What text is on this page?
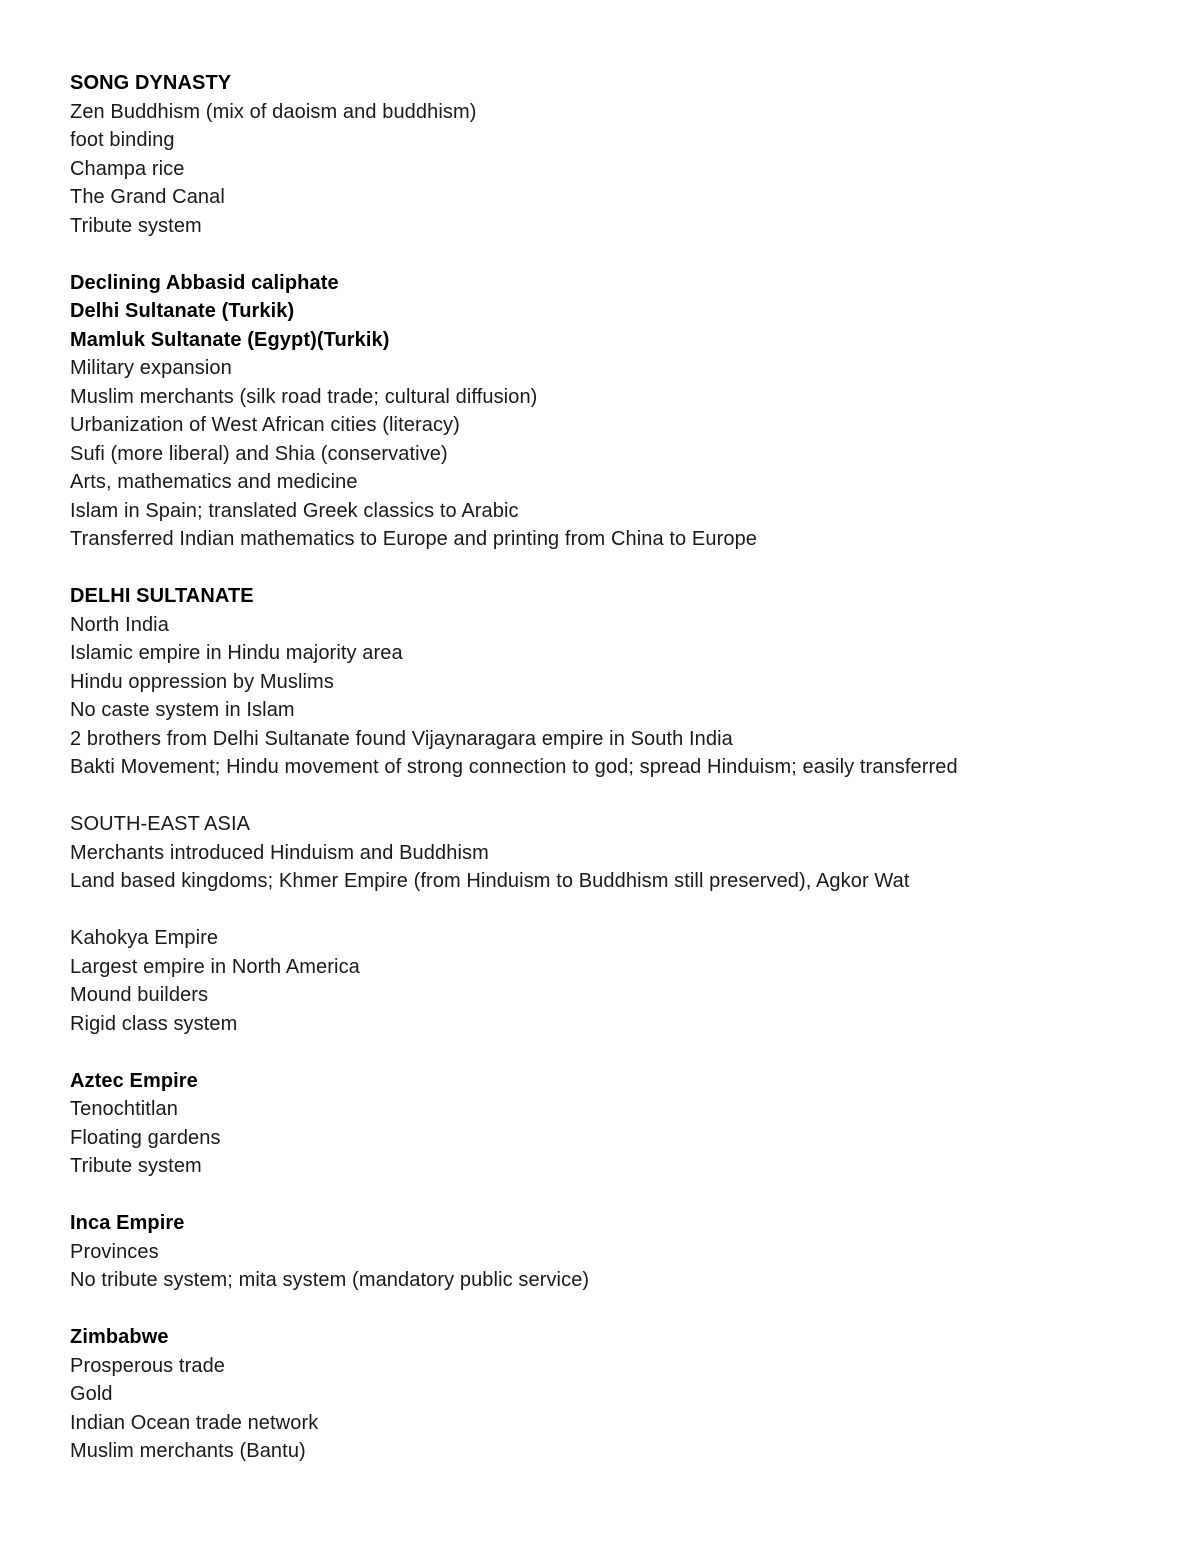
SONG DYNASTY
Zen Buddhism (mix of daoism and buddhism)
foot binding
Champa rice
The Grand Canal
Tribute system
Declining Abbasid caliphate
Delhi Sultanate (Turkik)
Mamluk Sultanate (Egypt)(Turkik)
Military expansion
Muslim merchants (silk road trade; cultural diffusion)
Urbanization of West African cities (literacy)
Sufi (more liberal) and Shia (conservative)
Arts, mathematics and medicine
Islam in Spain; translated Greek classics to Arabic
Transferred Indian mathematics to Europe and printing from China to Europe
DELHI SULTANATE
North India
Islamic empire in Hindu majority area
Hindu oppression by Muslims
No caste system in Islam
2 brothers from Delhi Sultanate found Vijaynaragara empire in South India
Bakti Movement; Hindu movement of strong connection to god; spread Hinduism; easily transferred
SOUTH-EAST ASIA
Merchants introduced Hinduism and Buddhism
Land based kingdoms; Khmer Empire (from Hinduism to Buddhism still preserved), Agkor Wat
Kahokya Empire
Largest empire in North America
Mound builders
Rigid class system
Aztec Empire
Tenochtitlan
Floating gardens
Tribute system
Inca Empire
Provinces
No tribute system; mita system (mandatory public service)
Zimbabwe
Prosperous trade
Gold
Indian Ocean trade network
Muslim merchants (Bantu)
